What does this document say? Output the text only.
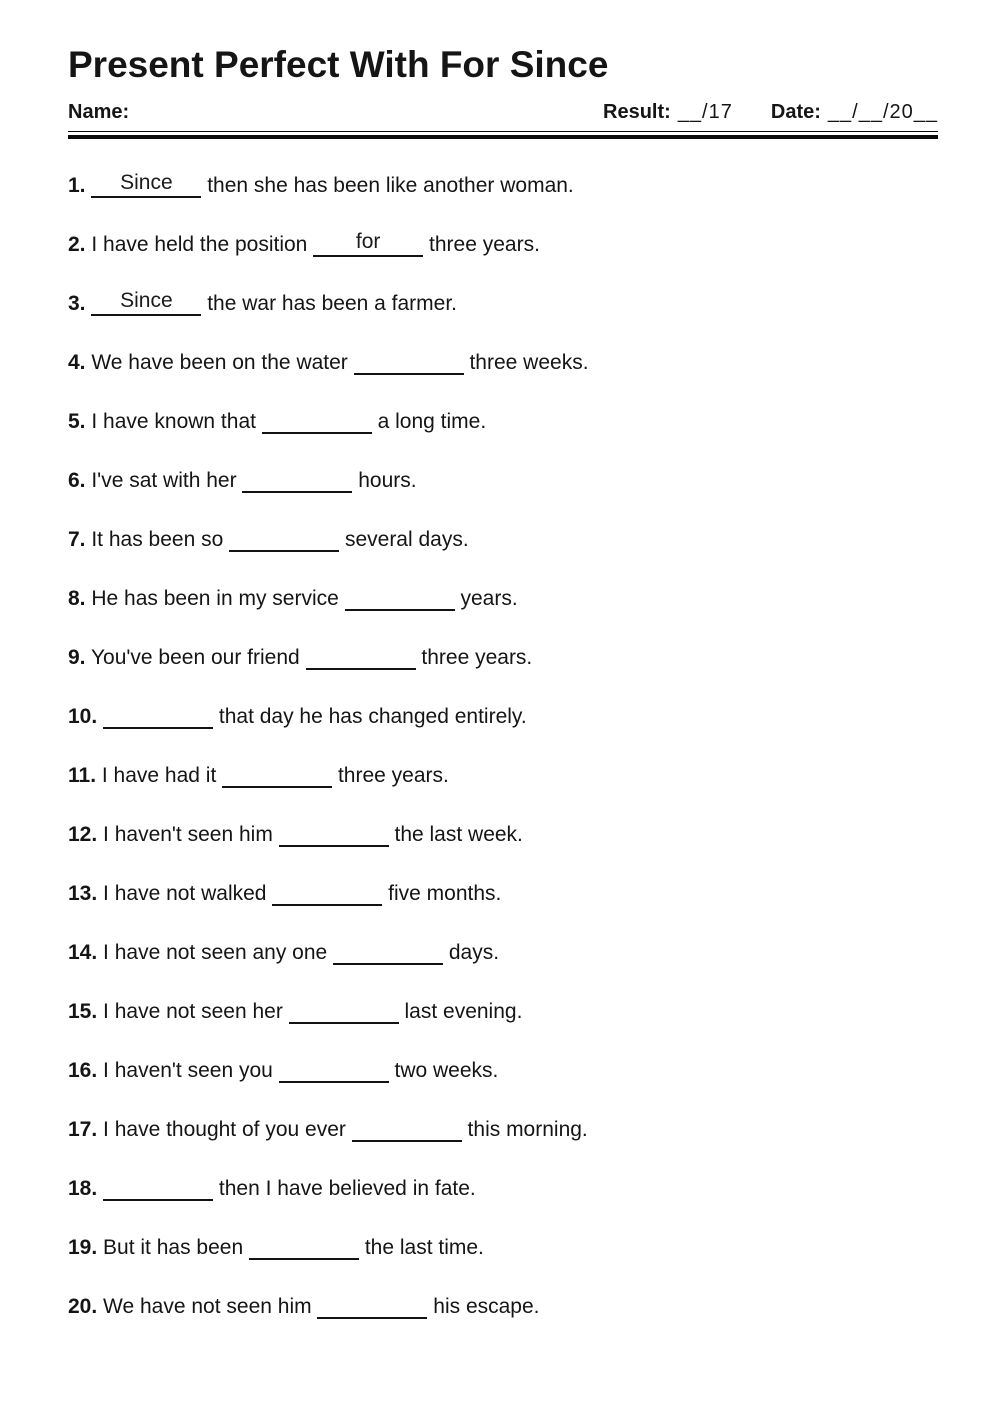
Present Perfect With For Since
Name:	Result: __/17 Date: __/__/20__
1.	Since	then she has been like another woman.
2. I have held the position	for	three years.
3.	Since	the war has been a farmer.
4. We have been on the water	three weeks.
5. I have known that	a long time.
6. I've sat with her	hours.
7. It has been so	several days.
8. He has been in my service	years.
9. You've been our friend	three years.
10.	that day he has changed entirely.
11. I have had it	three years.
12. I haven't seen him	the last week.
13. I have not walked	five months.
14. I have not seen any one	days.
15. I have not seen her	last evening.
16. I haven't seen you	two weeks.
17. I have thought of you ever	this morning.
18.	then I have believed in fate.
19. But it has been	the last time.
20. We have not seen him	his escape.
